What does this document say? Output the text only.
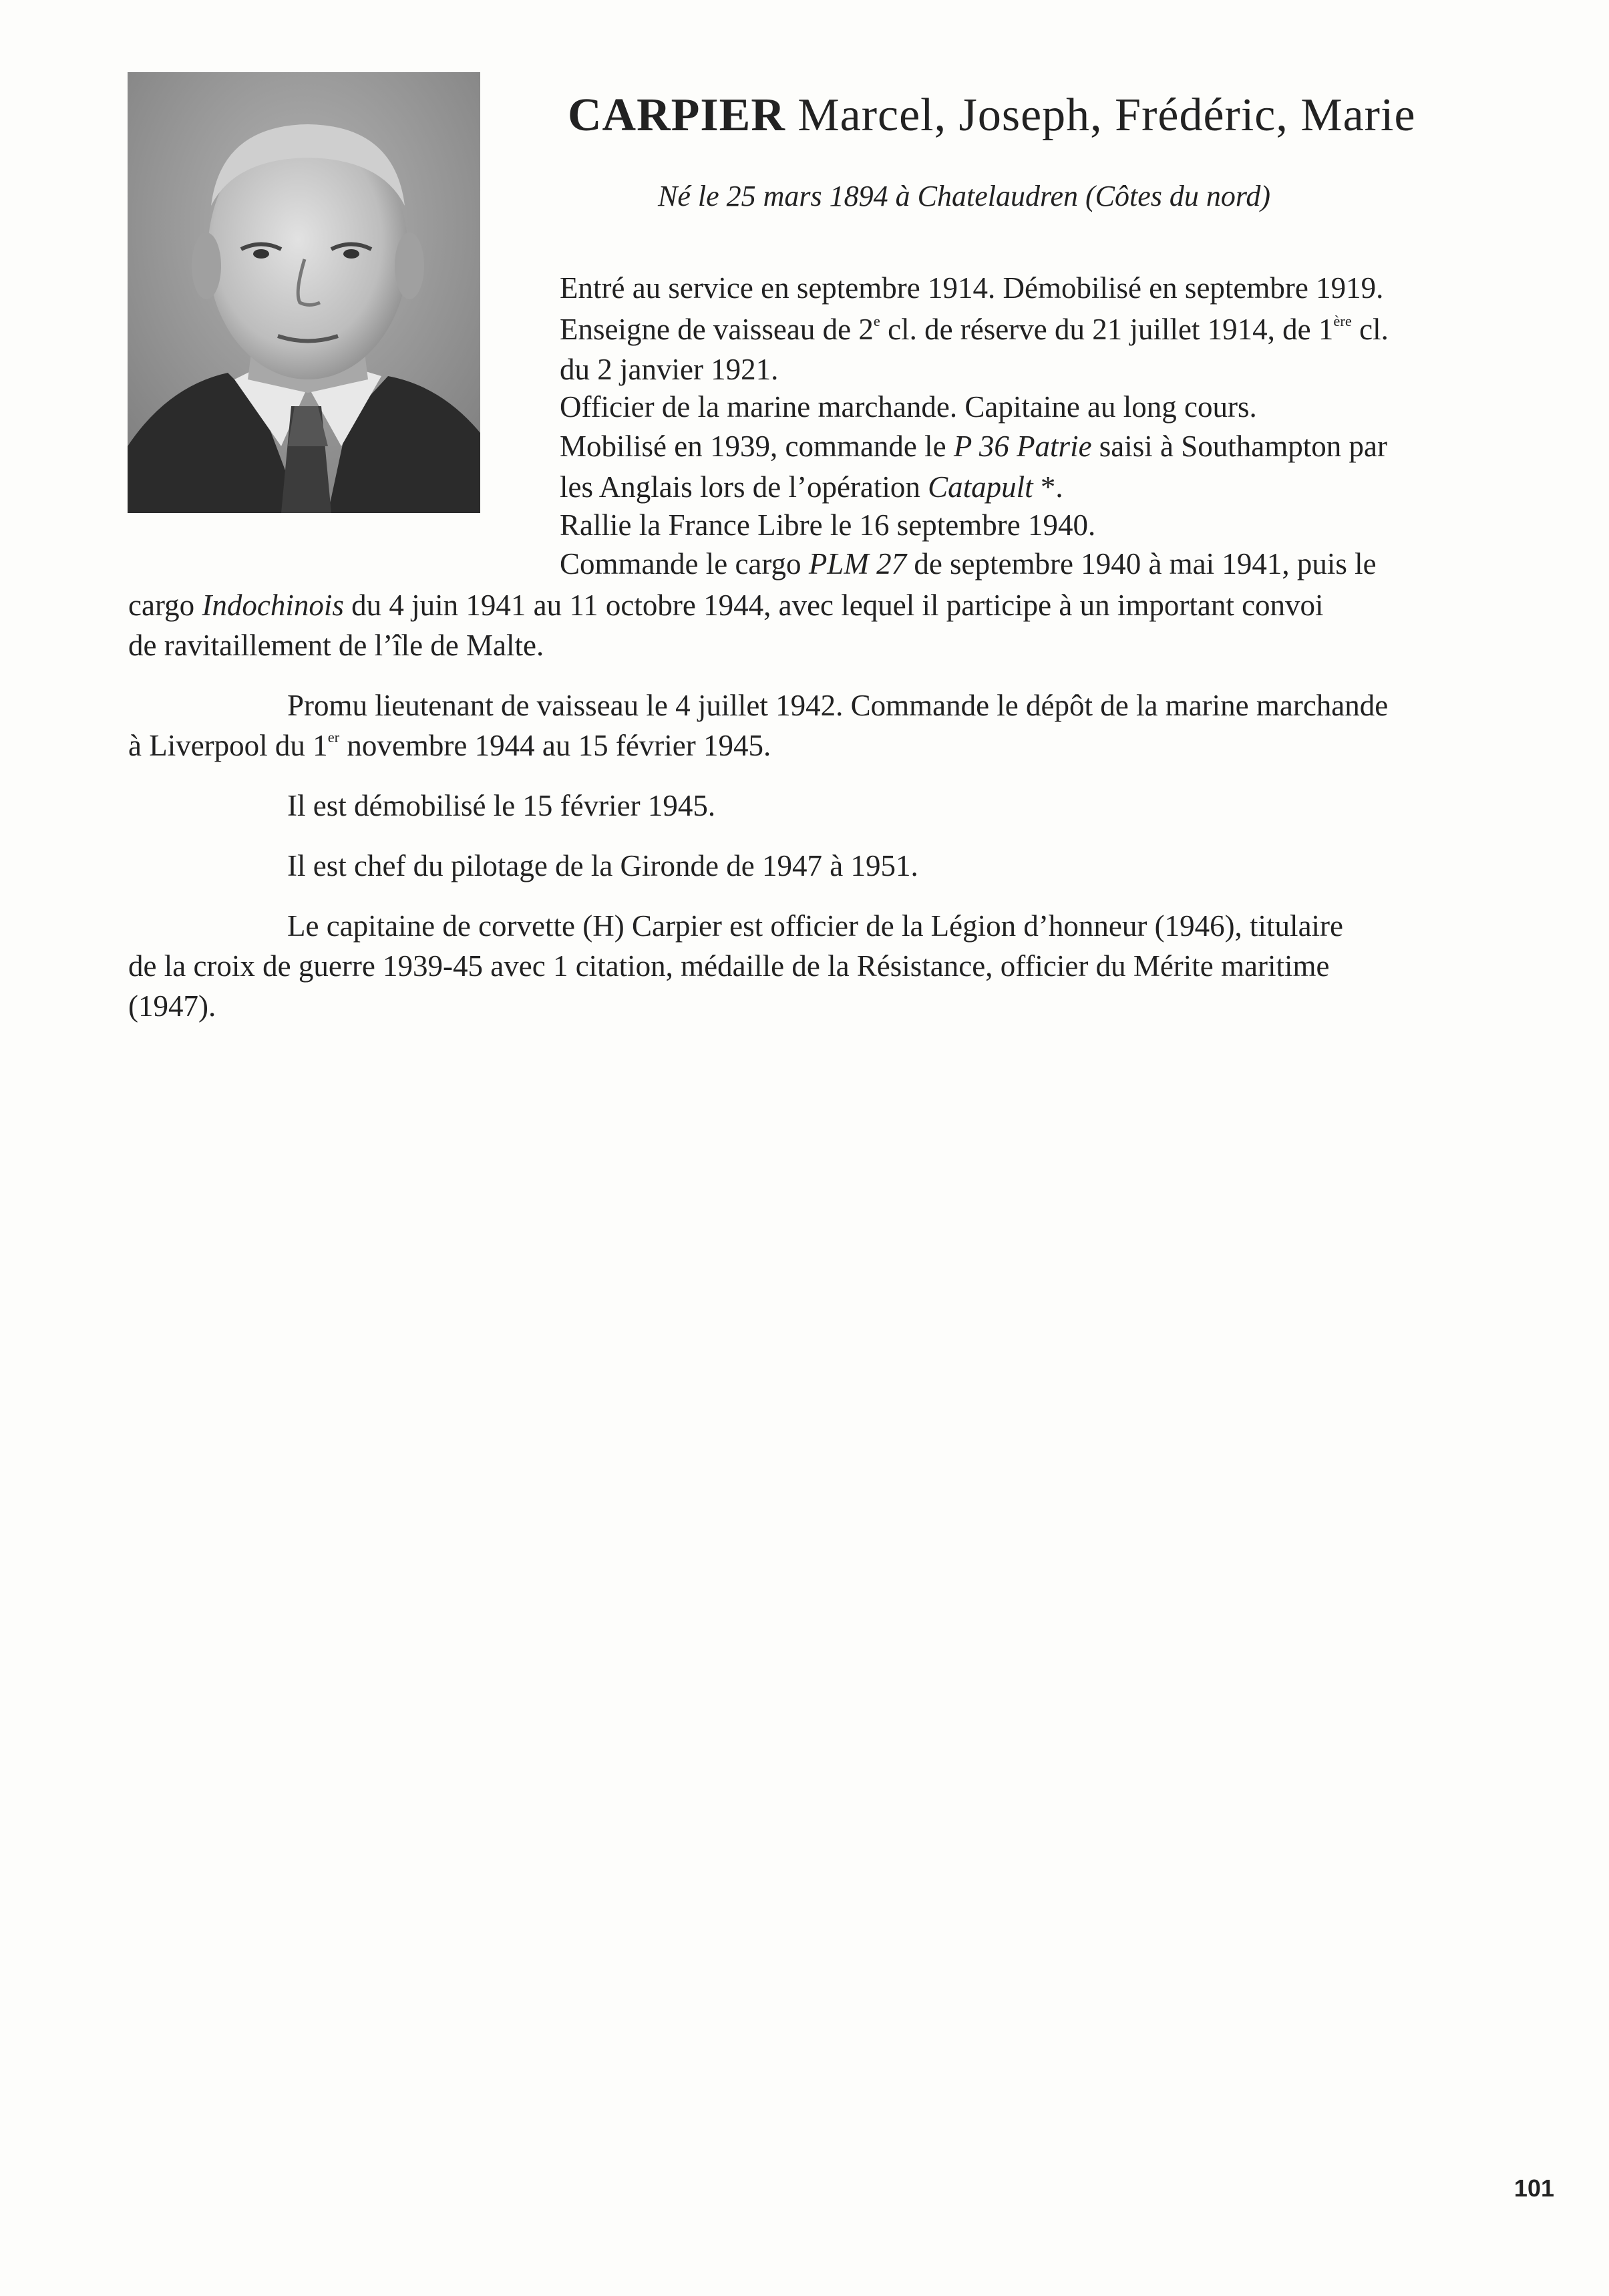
CARPIER Marcel, Joseph, Frédéric, Marie
Né le 25 mars 1894 à Chatelaudren (Côtes du nord)
Entré au service en septembre 1914. Démobilisé en septembre 1919.
Enseigne de vaisseau de 2e cl. de réserve du 21 juillet 1914, de 1ère cl.
du 2 janvier 1921.
Officier de la marine marchande. Capitaine au long cours.
Mobilisé en 1939, commande le P 36 Patrie saisi à Southampton par
les Anglais lors de l’opération Catapult *.
Rallie la France Libre le 16 septembre 1940.
Commande le cargo PLM 27 de septembre 1940 à mai 1941, puis le
cargo Indochinois du 4 juin 1941 au 11 octobre 1944, avec lequel il participe à un important convoi
de ravitaillement de l’île de Malte.
Promu lieutenant de vaisseau le 4 juillet 1942. Commande le dépôt de la marine marchande
à Liverpool du 1er novembre 1944 au 15 février 1945.
Il est démobilisé le 15 février 1945.
Il est chef du pilotage de la Gironde de 1947 à 1951.
Le capitaine de corvette (H) Carpier est officier de la Légion d’honneur (1946), titulaire
de la croix de guerre 1939-45 avec 1 citation, médaille de la Résistance, officier du Mérite maritime
(1947).
101
